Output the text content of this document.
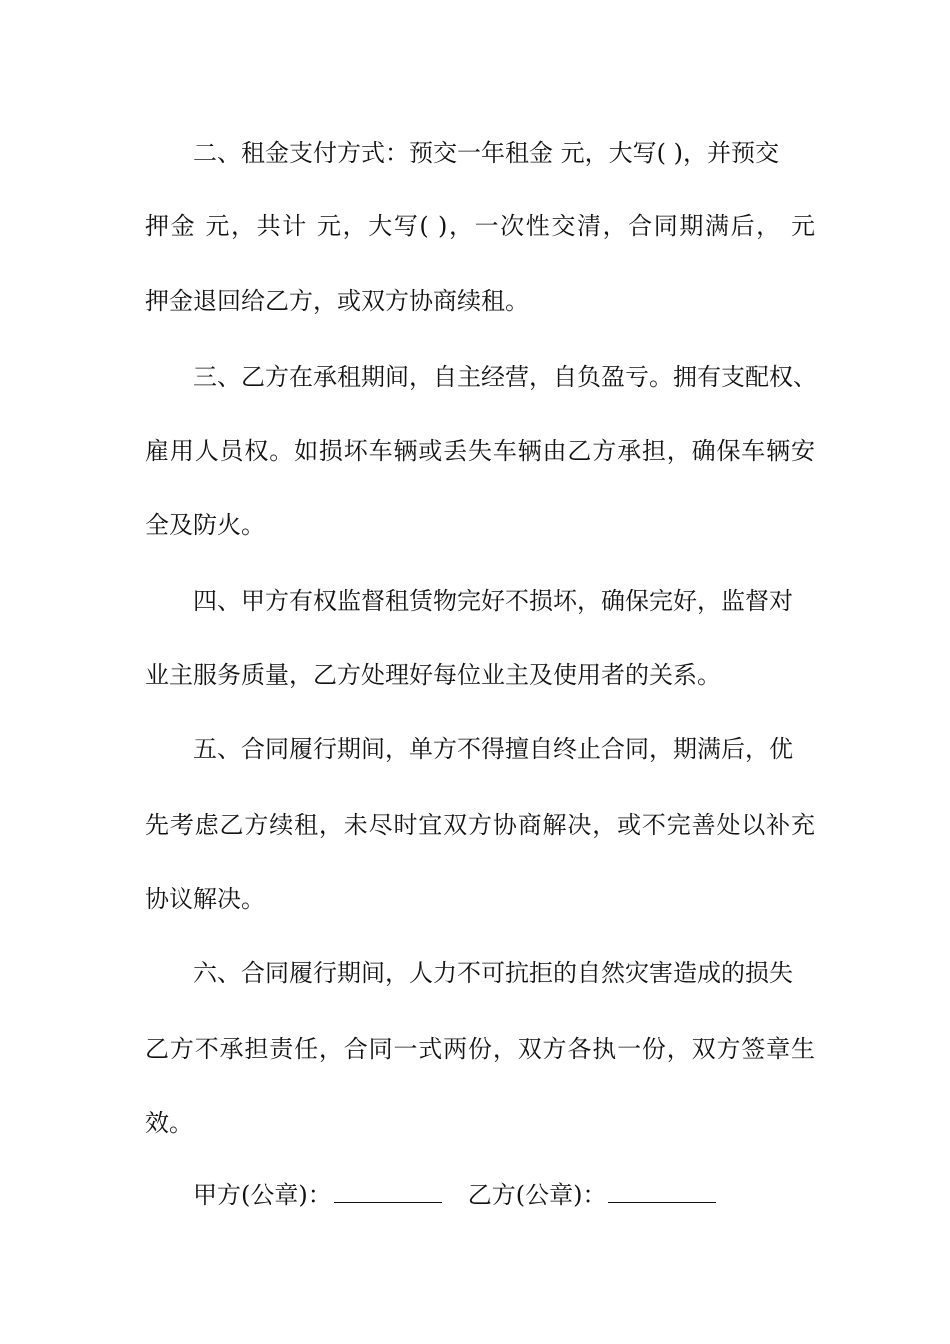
二、租金支付方式：预交一年租金 元，大写( )，并预交
押金 元，共计 元，大写( )，一次性交清，合同期满后， 元
押金退回给乙方，或双方协商续租。
三、乙方在承租期间，自主经营，自负盈亏。拥有支配权、
雇用人员权。如损坏车辆或丢失车辆由乙方承担，确保车辆安
全及防火。
四、甲方有权监督租赁物完好不损坏，确保完好，监督对
业主服务质量，乙方处理好每位业主及使用者的关系。
五、合同履行期间，单方不得擅自终止合同，期满后，优
先考虑乙方续租，未尽时宜双方协商解决，或不完善处以补充
协议解决。
六、合同履行期间，人力不可抗拒的自然灾害造成的损失
乙方不承担责任，合同一式两份，双方各执一份，双方签章生
效。
甲方(公章)：	乙方(公章)：
